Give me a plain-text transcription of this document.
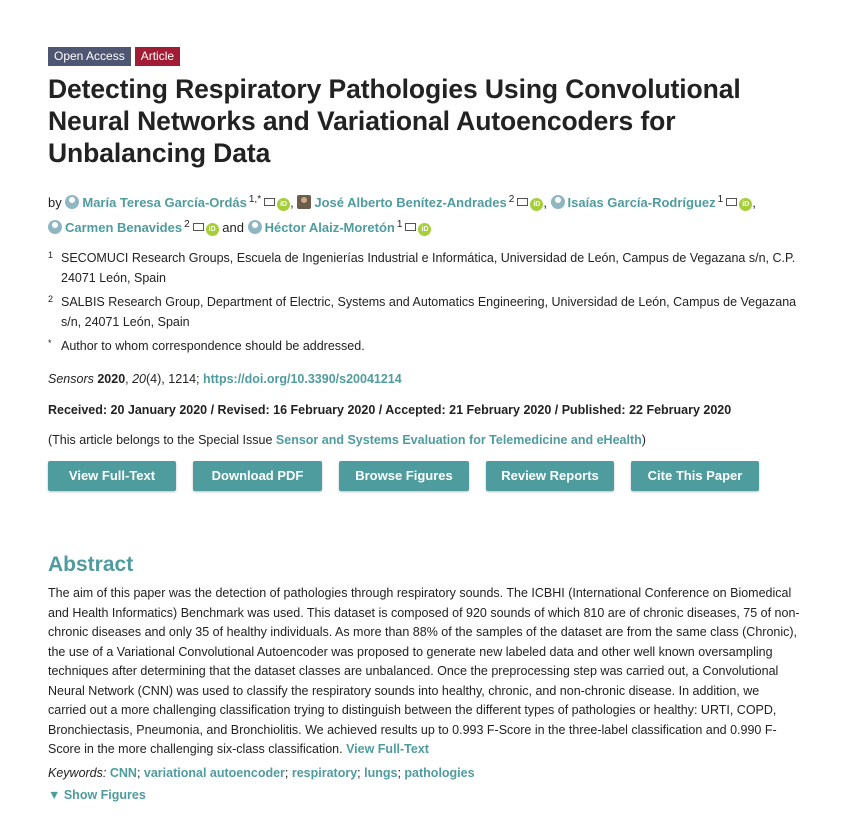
Open Access	Article
Detecting Respiratory Pathologies Using Convolutional Neural Networks and Variational Autoencoders for Unbalancing Data
by María Teresa García-Ordás $^{1,*}$	iD , José Alberto Benítez-Andrades $^2$	iD , Isaías García-Rodríguez $^1$	iD ,
Carmen Benavides $^2$	iD and Héctor Alaiz-Moretón $^1$	iD
1 SECOMUCI Research Groups, Escuela de Ingenierías Industrial e Informática, Universidad de León, Campus de Vegazana s/n, C.P. 24071 León, Spain
2 SALBIS Research Group, Department of Electric, Systems and Automatics Engineering, Universidad de León, Campus de Vegazana s/n, 24071 León, Spain
* Author to whom correspondence should be addressed.
Sensors 2020, 20(4), 1214; https://doi.org/10.3390/s20041214
Received: 20 January 2020 / Revised: 16 February 2020 / Accepted: 21 February 2020 / Published: 22 February 2020
(This article belongs to the Special Issue Sensor and Systems Evaluation for Telemedicine and eHealth)
View Full-Text	Download PDF	Browse Figures	Review Reports	Cite This Paper
Abstract

The aim of this paper was the detection of pathologies through respiratory sounds. The ICBHI (International Conference on Biomedical and Health Informatics) Benchmark was used. This dataset is composed of 920 sounds of which 810 are of chronic diseases, 75 of non-chronic diseases and only 35 of healthy individuals. As more than 88% of the samples of the dataset are from the same class (Chronic), the use of a Variational Convolutional Autoencoder was proposed to generate new labeled data and other well known oversampling techniques after determining that the dataset classes are unbalanced. Once the preprocessing step was carried out, a Convolutional Neural Network (CNN) was used to classify the respiratory sounds into healthy, chronic, and non-chronic disease. In addition, we carried out a more challenging classification trying to distinguish between the different types of pathologies or healthy: URTI, COPD, Bronchiectasis, Pneumonia, and Bronchiolitis. We achieved results up to 0.993 F-Score in the three-label classification and 0.990 F-Score in the more challenging six-class classification. View Full-Text

Keywords: CNN; variational autoencoder; respiratory; lungs; pathologies
▼ Show Figures
